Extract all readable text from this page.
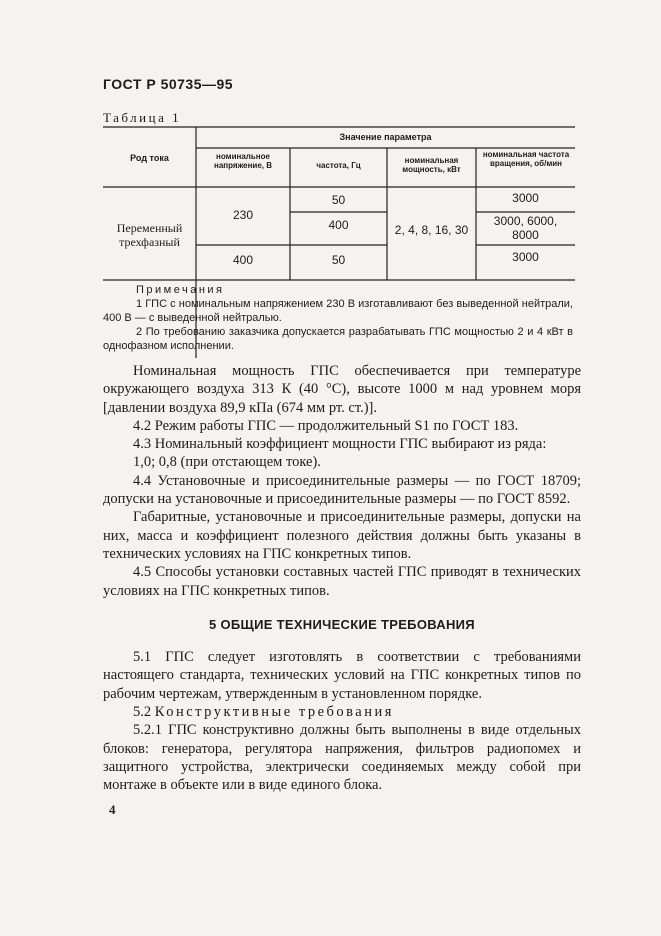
ГОСТ Р 50735—95
Таблица 1
Род тока
Значение параметра
номинальное напряжение, В	частота, Гц
номинальная мощность, кВт
номинальная частота вращения, об/мин
Переменный трехфазный
230
400
50
400
50
2, 4, 8, 16, 30
3000
3000, 6000, 8000
3000
Примечания
1 ГПС с номинальным напряжением 230 В изготавливают без выведенной нейтрали, 400 В — с выведенной нейтралью.
2 По требованию заказчика допускается разрабатывать ГПС мощностью 2 и 4 кВт в однофазном исполнении.

Номинальная мощность ГПС обеспечивается при температуре окружающего воздуха 313 К (40 °С), высоте 1000 м над уровнем моря [давлении воздуха 89,9 кПа (674 мм рт. ст.)].

4.2 Режим работы ГПС — продолжительный S1 по ГОСТ 183.

4.3 Номинальный коэффициент мощности ГПС выбирают из ряда:

1,0; 0,8 (при отстающем токе).

4.4 Установочные и присоединительные размеры — по ГОСТ 18709; допуски на установочные и присоединительные размеры — по ГОСТ 8592.

Габаритные, установочные и присоединительные размеры, допуски на них, масса и коэффициент полезного действия должны быть указаны в технических условиях на ГПС конкретных типов.

4.5 Способы установки составных частей ГПС приводят в технических условиях на ГПС конкретных типов.

5 ОБЩИЕ ТЕХНИЧЕСКИЕ ТРЕБОВАНИЯ

5.1 ГПС следует изготовлять в соответствии с требованиями настоящего стандарта, технических условий на ГПС конкретных типов по рабочим чертежам, утвержденным в установленном порядке.

5.2 Конструктивные требования

5.2.1 ГПС конструктивно должны быть выполнены в виде отдельных блоков: генератора, регулятора напряжения, фильтров радиопомех и защитного устройства, электрически соединяемых между собой при монтаже в объекте или в виде единого блока.

4
